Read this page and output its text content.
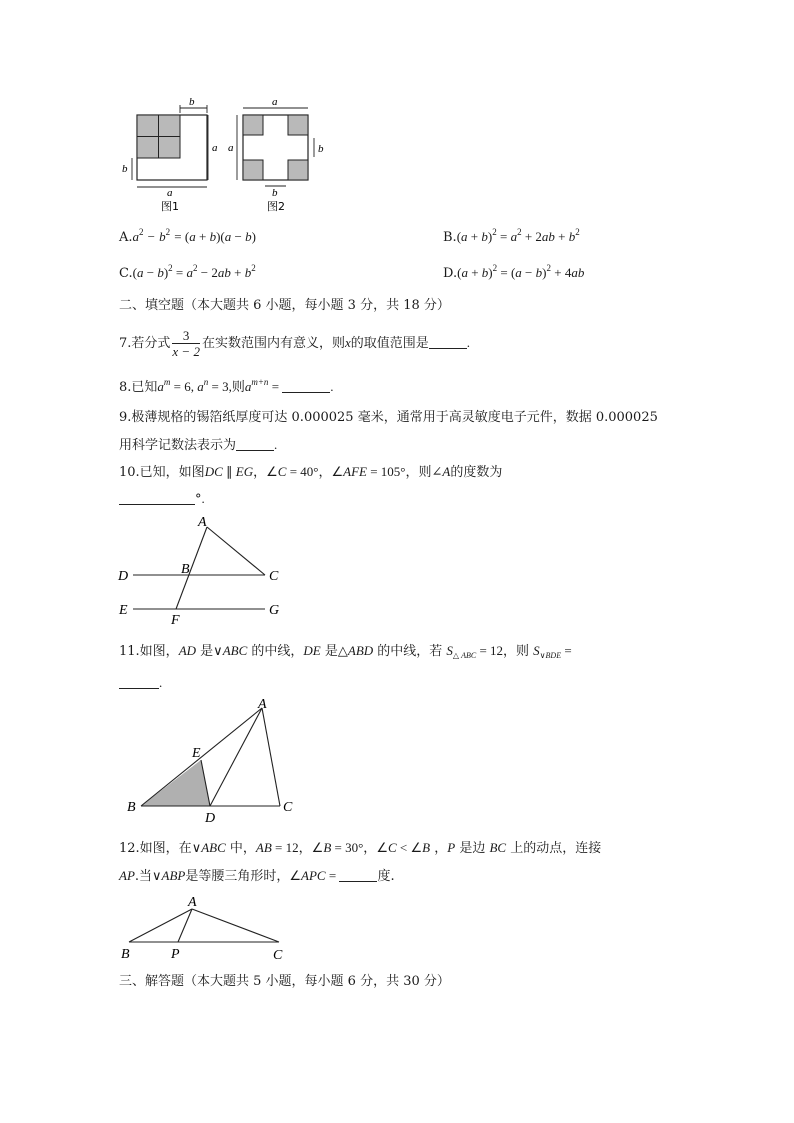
b
a
b
a
图1
a
a	b
b
图2
$A.a^2 - b^2 = (a + b)(a - b)$	$B.(a + b)^2 = a^2 + 2ab + b^2$
$C.(a - b)^2 = a^2 - 2ab + b^2$	$D.(a + b)^2 = (a - b)^2 + 4ab$
二、填空题（本大题共 6 小题，每小题 3 分，共 18 分）
7.若分式 $\frac{3}{x - 2}$ 在实数范围内有意义，则x的取值范围是	.
8.已知$a^m = 6$, $a^n = 3$,则$a^{m+n}$ =	.
9.极薄规格的锡箔纸厚度可达 0.000025 毫米，通常用于高灵敏度电子元件，数据 0.000025
用科学记数法表示为	.
10.已知，如图DC ∥ EG，∠C = 40°，∠AFE = 105°，则∠A的度数为
°.
A
B	C
D
E
F
G
11.如图，AD 是∨ABC 的中线，DE 是△ABD 的中线，若 $S_{\triangle ABC} = 12$，则 $S_{\vee BDE}$ =
.
A
E
B
D
C
12.如图，在∨ABC 中，AB = 12，∠B = 30°，∠C < ∠B ，P 是边 BC 上的动点，连接
AP.当∨ABP是等腰三角形时，∠APC =	度.
A
B	P	C
三、解答题（本大题共 5 小题，每小题 6 分，共 30 分）
